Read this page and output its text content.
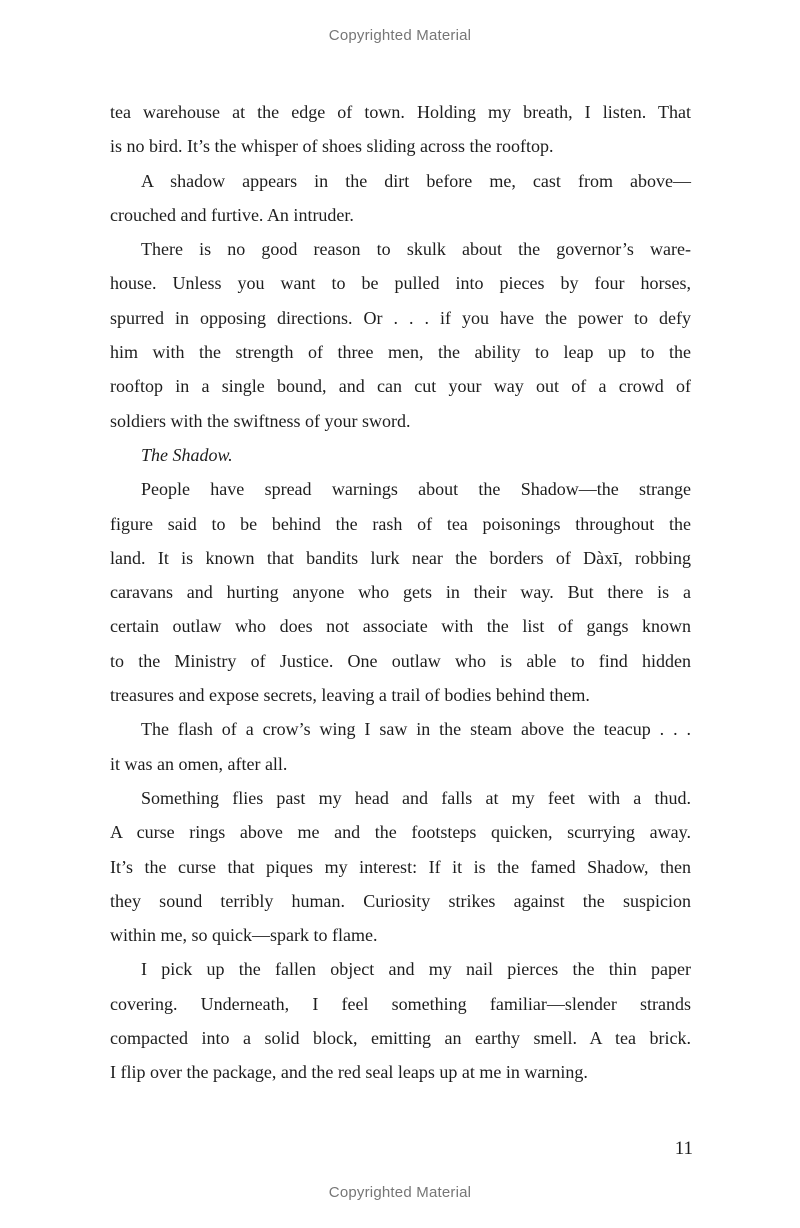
Copyrighted Material
tea warehouse at the edge of town. Holding my breath, I listen. That
is no bird. It’s the whisper of shoes sliding across the rooftop.
A shadow appears in the dirt before me, cast from above—
crouched and furtive. An intruder.
There is no good reason to skulk about the governor’s ware-
house. Unless you want to be pulled into pieces by four horses,
spurred in opposing directions. Or . . . if you have the power to defy
him with the strength of three men, the ability to leap up to the
rooftop in a single bound, and can cut your way out of a crowd of
soldiers with the swiftness of your sword.
The Shadow.
People have spread warnings about the Shadow—the strange
figure said to be behind the rash of tea poisonings throughout the
land. It is known that bandits lurk near the borders of Dàxī, robbing
caravans and hurting anyone who gets in their way. But there is a
certain outlaw who does not associate with the list of gangs known
to the Ministry of Justice. One outlaw who is able to find hidden
treasures and expose secrets, leaving a trail of bodies behind them.
The flash of a crow’s wing I saw in the steam above the teacup . . .
it was an omen, after all.
Something flies past my head and falls at my feet with a thud.
A curse rings above me and the footsteps quicken, scurrying away.
It’s the curse that piques my interest: If it is the famed Shadow, then
they sound terribly human. Curiosity strikes against the suspicion
within me, so quick—spark to flame.
I pick up the fallen object and my nail pierces the thin paper
covering. Underneath, I feel something familiar—slender strands
compacted into a solid block, emitting an earthy smell. A tea brick.
I flip over the package, and the red seal leaps up at me in warning.
11
Copyrighted Material
